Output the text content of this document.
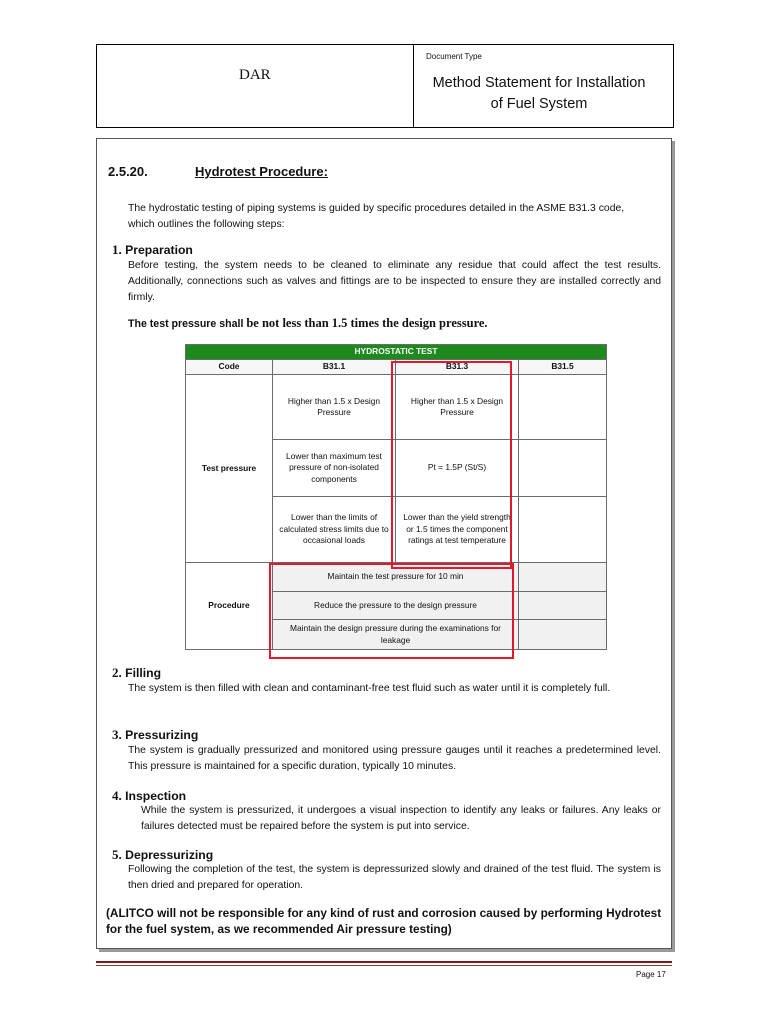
DAR
Document Type
Method Statement for Installation
of Fuel System
2.5.20.	Hydrotest Procedure:
The hydrostatic testing of piping systems is guided by specific procedures detailed in the ASME B31.3 code, which outlines the following steps:
1. Preparation
Before testing, the system needs to be cleaned to eliminate any residue that could affect the test results. Additionally, connections such as valves and fittings are to be inspected to ensure they are installed correctly and firmly.
The test pressure shall be not less than 1.5 times the design pressure.
HYDROSTATIC TEST			
Code	B31.1	B31.3	B31.5
Test pressure	Higher than 1.5 x Design Pressure	Higher than 1.5 x Design Pressure	
	Lower than maximum test pressure of non-isolated components	Pt = 1.5P (St/S)	
	Lower than the limits of calculated stress limits due to occasional loads	Lower than the yield strength or 1.5 times the component ratings at test temperature	
Procedure	Maintain the test pressure for 10 min		
	Reduce the pressure to the design pressure		
	Maintain the design pressure during the examinations for leakage		
2. Filling
The system is then filled with clean and contaminant-free test fluid such as water until it is completely full.
3. Pressurizing
The system is gradually pressurized and monitored using pressure gauges until it reaches a predetermined level. This pressure is maintained for a specific duration, typically 10 minutes.
4. Inspection
While the system is pressurized, it undergoes a visual inspection to identify any leaks or failures. Any leaks or failures detected must be repaired before the system is put into service.
5. Depressurizing
Following the completion of the test, the system is depressurized slowly and drained of the test fluid. The system is then dried and prepared for operation.
(ALITCO will not be responsible for any kind of rust and corrosion caused by performing Hydrotest for the fuel system, as we recommended Air pressure testing)
Page 17
